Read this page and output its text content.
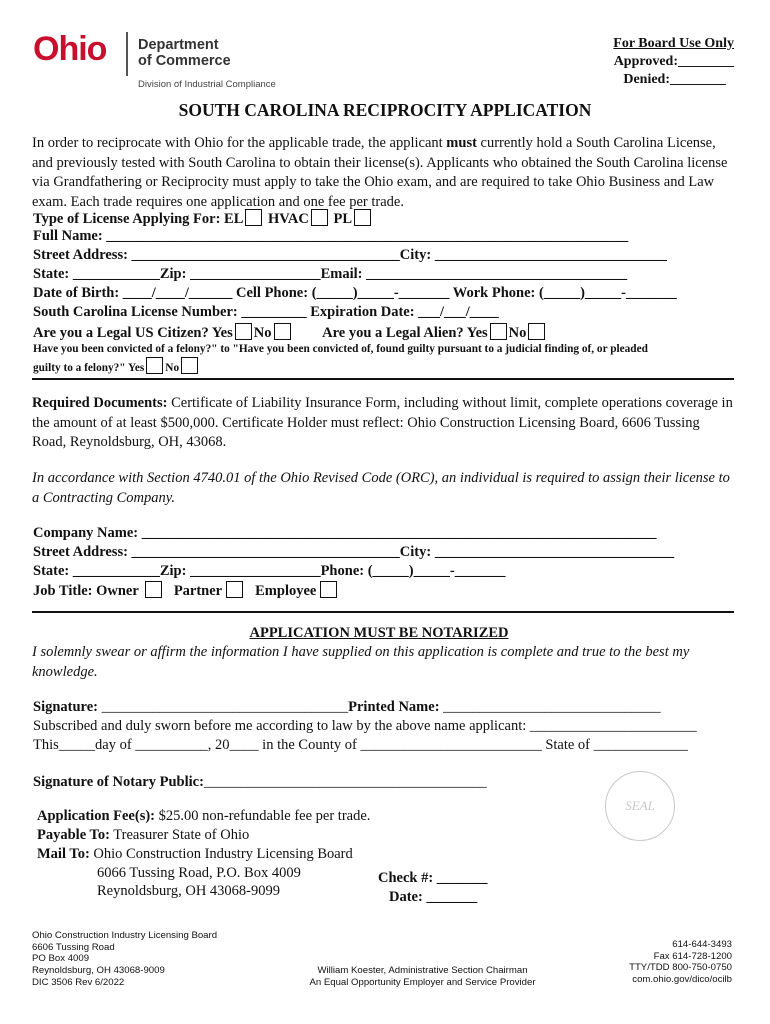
Ohio Department
of Commerce
Division of Industrial Compliance
For Board Use Only
Approved:________
Denied:________
SOUTH CAROLINA RECIPROCITY APPLICATION
In order to reciprocate with Ohio for the applicable trade, the applicant must currently hold a South Carolina License, and previously tested with South Carolina to obtain their license(s). Applicants who obtained the South Carolina license via Grandfathering or Reciprocity must apply to take the Ohio exam, and are required to take Ohio Business and Law exam. Each trade requires one application and one fee per trade.
Type of License Applying For: EL HVAC PL
Full Name: ________________________________________________________________________
Street Address: _____________________________________City: ________________________________
State: ____________Zip: __________________Email: ____________________________________
Date of Birth: ____/____/______ Cell Phone: (_____)_____-_______ Work Phone: (_____)_____-_______
South Carolina License Number: _________ Expiration Date: ___/___/____
Are you a Legal US Citizen? Yes No	Are you a Legal Alien? Yes No
Have you been convicted of a felony?" to "Have you been convicted of, found guilty pursuant to a judicial finding of, or pleaded
guilty to a felony?" Yes No
Required Documents: Certificate of Liability Insurance Form, including without limit, complete operations coverage in the amount of at least $500,000. Certificate Holder must reflect: Ohio Construction Licensing Board, 6606 Tussing Road, Reynoldsburg, OH, 43068.
In accordance with Section 4740.01 of the Ohio Revised Code (ORC), an individual is required to assign their license to a Contracting Company.
Company Name: _______________________________________________________________________
Street Address: _____________________________________City: _________________________________
State: ____________Zip: __________________Phone: (_____)_____-_______
Job Title: Owner Partner Employee
APPLICATION MUST BE NOTARIZED
I solemnly swear or affirm the information I have supplied on this application is complete and true to the best my knowledge.
Signature: __________________________________Printed Name: ______________________________
Subscribed and duly sworn before me according to law by the above name applicant: _______________________
This_____day of __________, 20____ in the County of _________________________ State of _____________
Signature of Notary Public:_______________________________________
SEAL
Application Fee(s): $25.00 non-refundable fee per trade.
Payable To: Treasurer State of Ohio
Mail To: Ohio Construction Industry Licensing Board
6066 Tussing Road, P.O. Box 4009
Reynoldsburg, OH 43068-9099
Check #: _______
Date: _______
Ohio Construction Industry Licensing Board
6606 Tussing Road
PO Box 4009
Reynoldsburg, OH 43068-9009
DIC 3506 Rev 6/2022
William Koester, Administrative Section Chairman
An Equal Opportunity Employer and Service Provider
614-644-3493
Fax 614-728-1200
TTY/TDD 800-750-0750
com.ohio.gov/dico/ocilb
